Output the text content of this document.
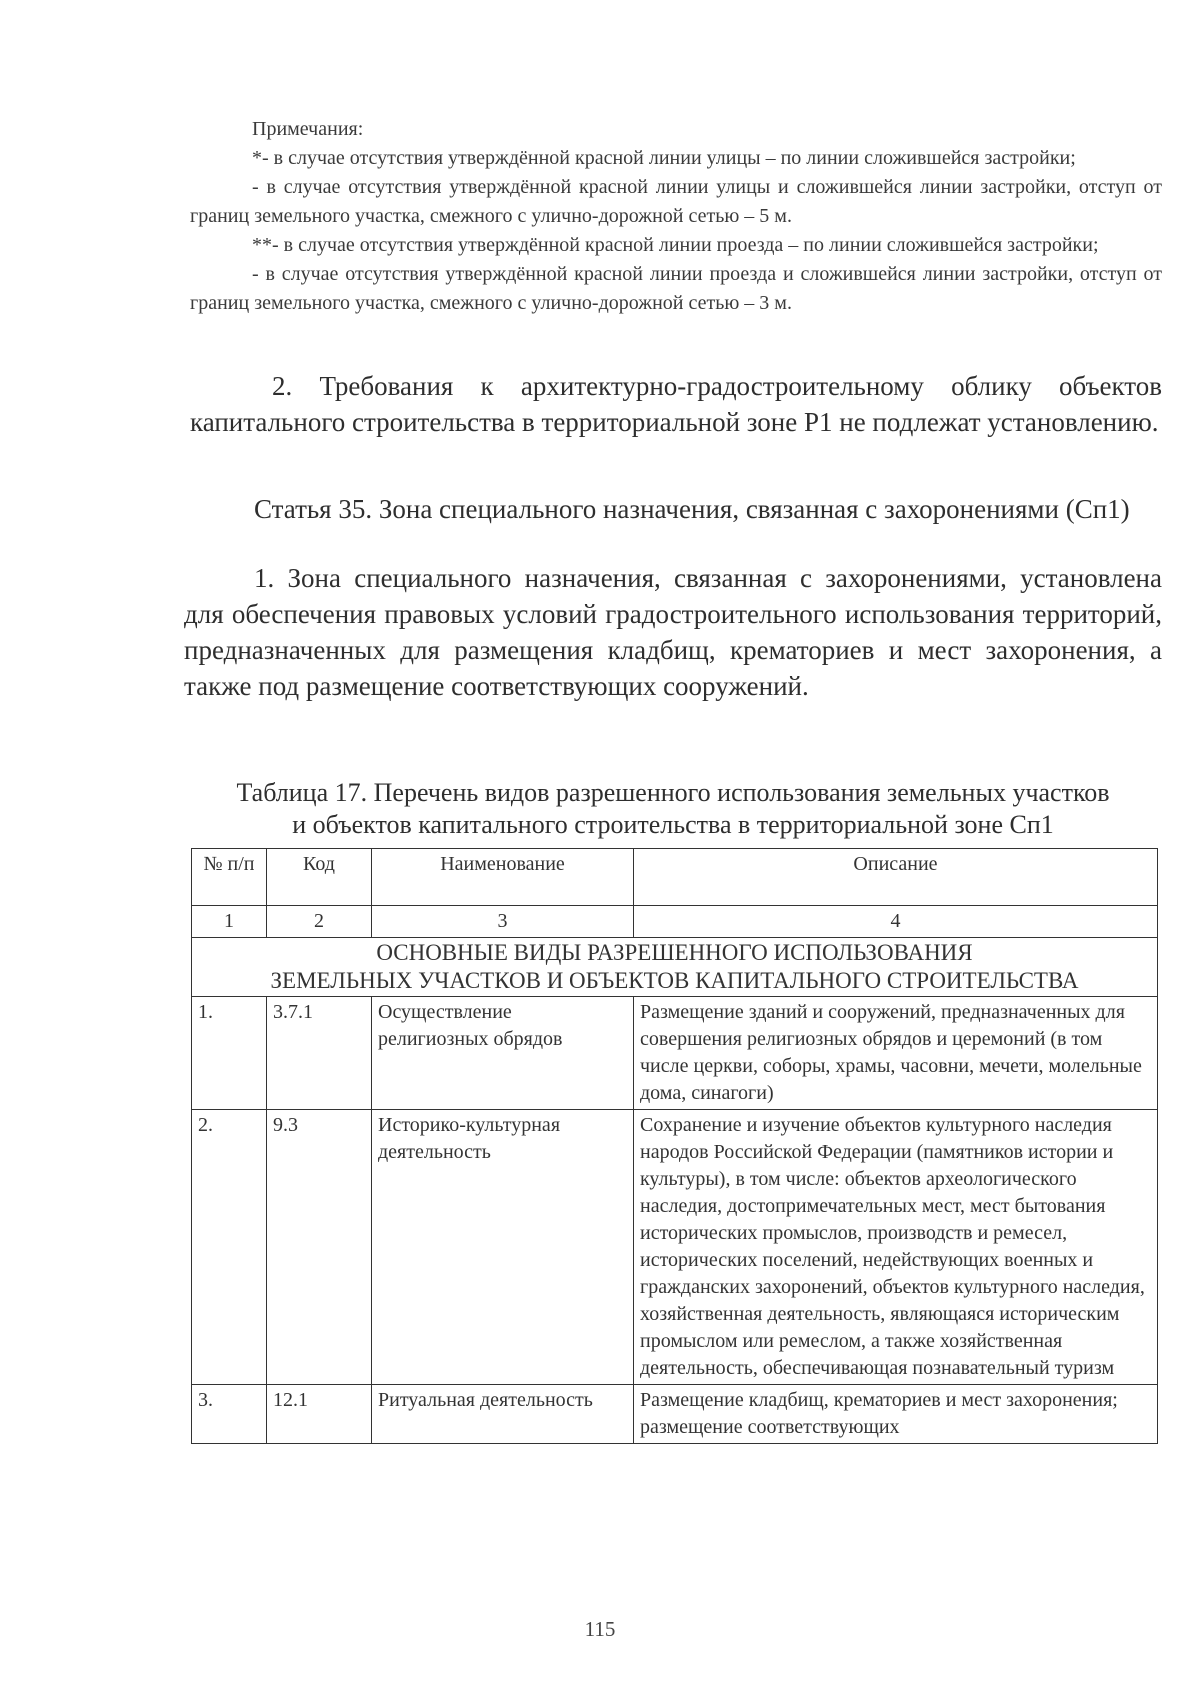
Примечания:

*- в случае отсутствия утверждённой красной линии улицы – по линии сложившейся застройки;

- в случае отсутствия утверждённой красной линии улицы и сложившейся линии застройки, отступ от границ земельного участка, смежного с улично-дорожной сетью – 5 м.

**- в случае отсутствия утверждённой красной линии проезда – по линии сложившейся застройки;

- в случае отсутствия утверждённой красной линии проезда и сложившейся линии застройки, отступ от границ земельного участка, смежного с улично-дорожной сетью – 3 м.

2. Требования к архитектурно-градостроительному облику объектов капитального строительства в территориальной зоне Р1 не подлежат установлению.

Статья 35. Зона специального назначения, связанная с захоронениями (Сп1)

1. Зона специального назначения, связанная с захоронениями, установлена для обеспечения правовых условий градостроительного использования территорий, предназначенных для размещения кладбищ, крематориев и мест захоронения, а также под размещение соответствующих сооружений.

Таблица 17. Перечень видов разрешенного использования земельных участков
и объектов капитального строительства в территориальной зоне Сп1
№ п/п	Код	Наименование	Описание
1	2	3	4

ОСНОВНЫЕ ВИДЫ РАЗРЕШЕННОГО ИСПОЛЬЗОВАНИЯ
ЗЕМЕЛЬНЫХ УЧАСТКОВ И ОБЪЕКТОВ КАПИТАЛЬНОГО СТРОИТЕЛЬСТВА			

1.	3.7.1	Осуществление религиозных обрядов	Размещение зданий и сооружений, предназначенных для совершения религиозных обрядов и церемоний (в том числе церкви, соборы, храмы, часовни, мечети, молельные дома, синагоги)
2.	9.3	Историко-культурная деятельность	Сохранение и изучение объектов культурного наследия народов Российской Федерации (памятников истории и культуры), в том числе: объектов археологического наследия, достопримечательных мест, мест бытования исторических промыслов, производств и ремесел, исторических поселений, недействующих военных и гражданских захоронений, объектов культурного наследия, хозяйственная деятельность, являющаяся историческим промыслом или ремеслом, а также хозяйственная деятельность, обеспечивающая познавательный туризм
3.	12.1	Ритуальная деятельность	Размещение кладбищ, крематориев и мест захоронения; размещение соответствующих
115
